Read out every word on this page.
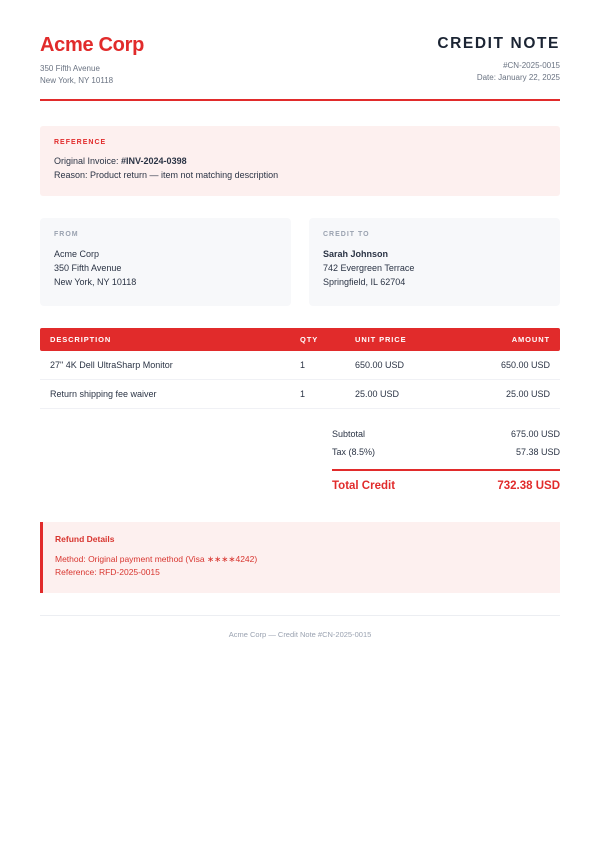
Acme Corp
350 Fifth Avenue
New York, NY 10118
CREDIT NOTE
#CN-2025-0015
Date: January 22, 2025
REFERENCE
Original Invoice: #INV-2024-0398
Reason: Product return — item not matching description
FROM
Acme Corp
350 Fifth Avenue
New York, NY 10118
CREDIT TO
Sarah Johnson
742 Evergreen Terrace
Springfield, IL 62704
DESCRIPTION	QTY	UNIT PRICE	AMOUNT
27" 4K Dell UltraSharp Monitor	1	650.00 USD	650.00 USD
Return shipping fee waiver	1	25.00 USD	25.00 USD
Subtotal	675.00 USD
Tax (8.5%)	57.38 USD
Total Credit	732.38 USD
Refund Details
Method: Original payment method (Visa ∗∗∗∗4242)
Reference: RFD-2025-0015
Acme Corp — Credit Note #CN-2025-0015
